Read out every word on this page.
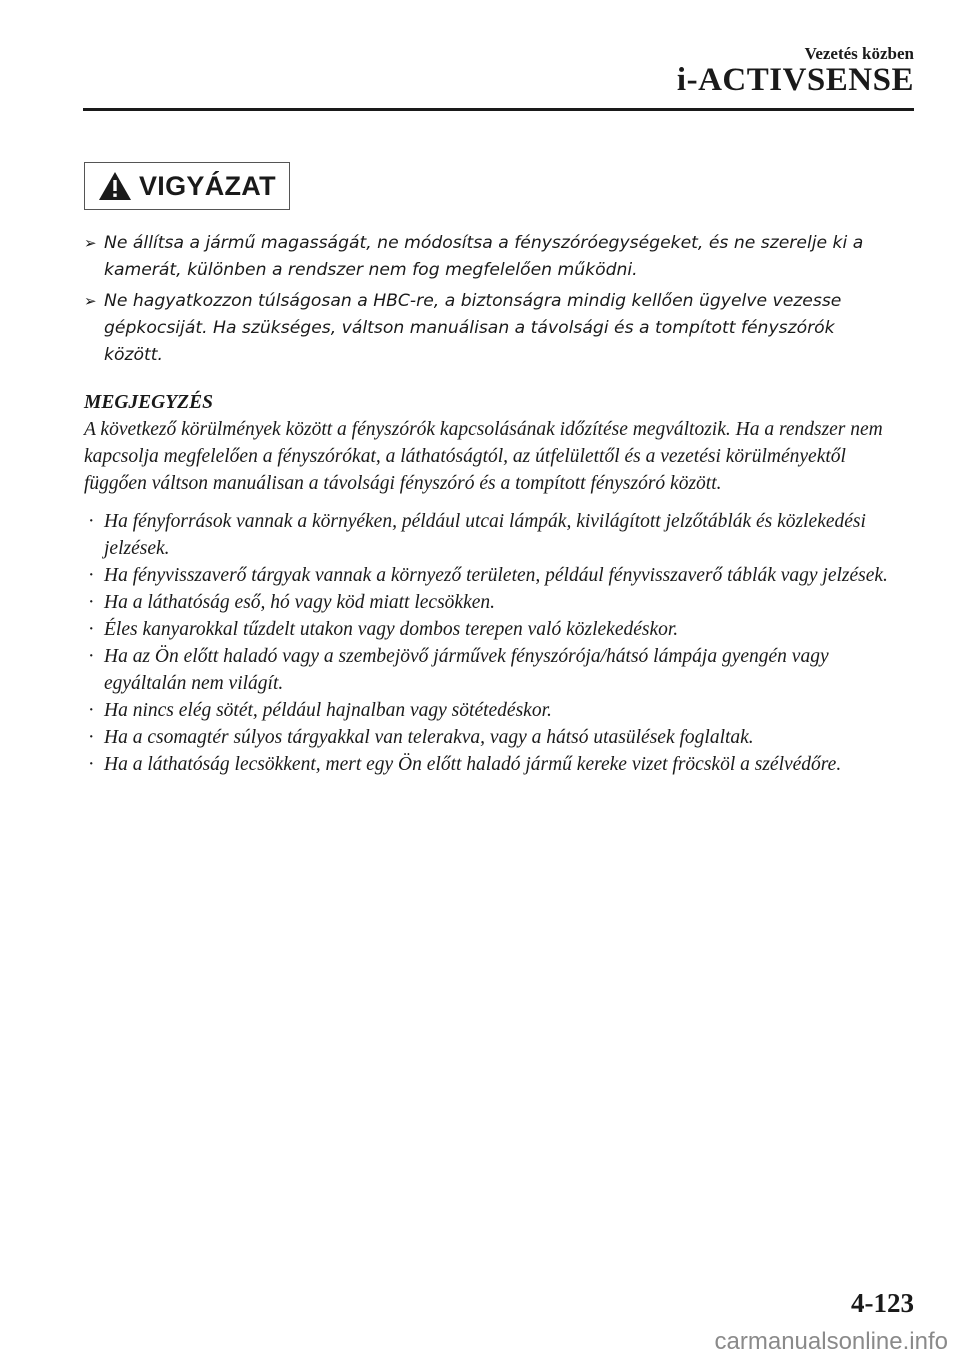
Vezetés közben
i-ACTIVSENSE
VIGYÁZAT
➢ Ne állítsa a jármű magasságát, ne módosítsa a fényszóróegységeket, és ne szerelje ki a kamerát, különben a rendszer nem fog megfelelően működni.
➢ Ne hagyatkozzon túlságosan a HBC-re, a biztonságra mindig kellően ügyelve vezesse gépkocsiját. Ha szükséges, váltson manuálisan a távolsági és a tompított fényszórók között.
MEGJEGYZÉS
A következő körülmények között a fényszórók kapcsolásának időzítése megváltozik. Ha a rendszer nem kapcsolja megfelelően a fényszórókat, a láthatóságtól, az útfelülettől és a vezetési körülményektől függően váltson manuálisan a távolsági fényszóró és a tompított fényszóró között.
· Ha fényforrások vannak a környéken, például utcai lámpák, kivilágított jelzőtáblák és közlekedési jelzések.
· Ha fényvisszaverő tárgyak vannak a környező területen, például fényvisszaverő táblák vagy jelzések.
· Ha a láthatóság eső, hó vagy köd miatt lecsökken.
· Éles kanyarokkal tűzdelt utakon vagy dombos terepen való közlekedéskor.
· Ha az Ön előtt haladó vagy a szembejövő járművek fényszórója/hátsó lámpája gyengén vagy egyáltalán nem világít.
· Ha nincs elég sötét, például hajnalban vagy sötétedéskor.
· Ha a csomagtér súlyos tárgyakkal van telerakva, vagy a hátsó utasülések foglaltak.
· Ha a láthatóság lecsökkent, mert egy Ön előtt haladó jármű kereke vizet fröcsköl a szélvédőre.
4-123
carmanualsonline.info
